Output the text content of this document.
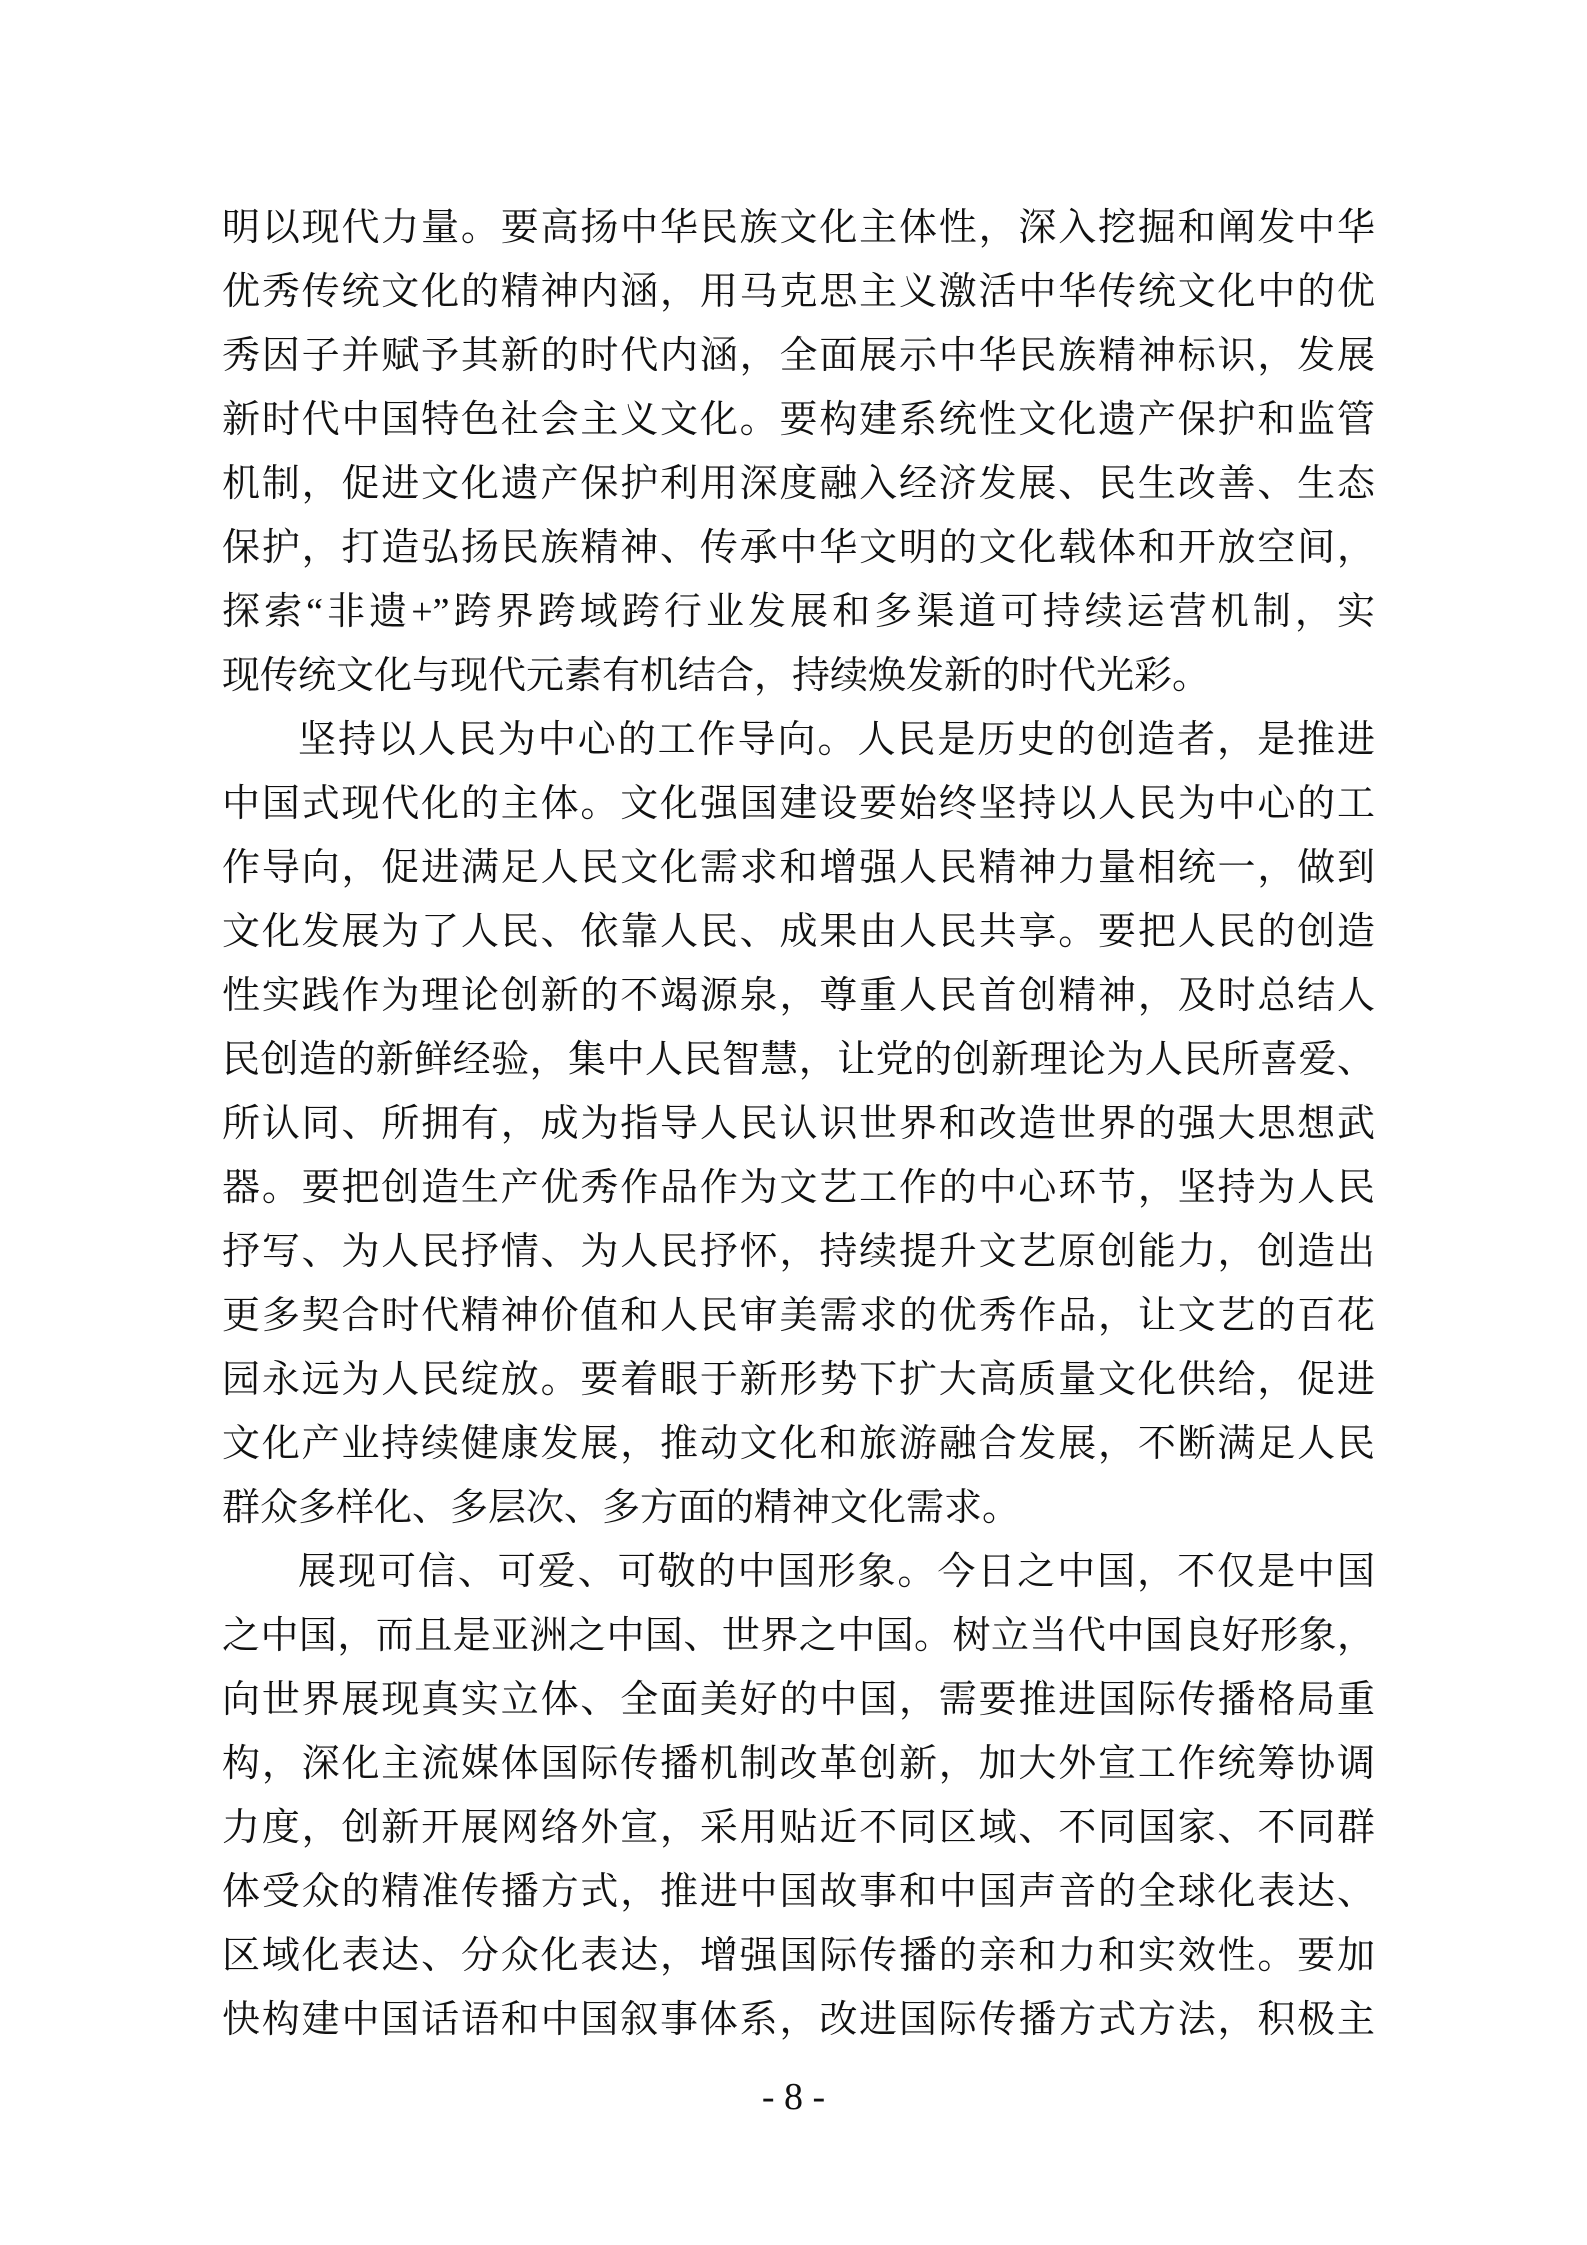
明以现代力量。要高扬中华民族文化主体性，深入挖掘和阐发中华
优秀传统文化的精神内涵，用马克思主义激活中华传统文化中的优
秀因子并赋予其新的时代内涵，全面展示中华民族精神标识，发展
新时代中国特色社会主义文化。要构建系统性文化遗产保护和监管
机制，促进文化遗产保护利用深度融入经济发展、民生改善、生态
保护，打造弘扬民族精神、传承中华文明的文化载体和开放空间，
探索“非遗+”跨界跨域跨行业发展和多渠道可持续运营机制，实
现传统文化与现代元素有机结合，持续焕发新的时代光彩。
坚持以人民为中心的工作导向。人民是历史的创造者，是推进
中国式现代化的主体。文化强国建设要始终坚持以人民为中心的工
作导向，促进满足人民文化需求和增强人民精神力量相统一，做到
文化发展为了人民、依靠人民、成果由人民共享。要把人民的创造
性实践作为理论创新的不竭源泉，尊重人民首创精神，及时总结人
民创造的新鲜经验，集中人民智慧，让党的创新理论为人民所喜爱、
所认同、所拥有，成为指导人民认识世界和改造世界的强大思想武
器。要把创造生产优秀作品作为文艺工作的中心环节，坚持为人民
抒写、为人民抒情、为人民抒怀，持续提升文艺原创能力，创造出
更多契合时代精神价值和人民审美需求的优秀作品，让文艺的百花
园永远为人民绽放。要着眼于新形势下扩大高质量文化供给，促进
文化产业持续健康发展，推动文化和旅游融合发展，不断满足人民
群众多样化、多层次、多方面的精神文化需求。
展现可信、可爱、可敬的中国形象。今日之中国，不仅是中国
之中国，而且是亚洲之中国、世界之中国。树立当代中国良好形象，
向世界展现真实立体、全面美好的中国，需要推进国际传播格局重
构，深化主流媒体国际传播机制改革创新，加大外宣工作统筹协调
力度，创新开展网络外宣，采用贴近不同区域、不同国家、不同群
体受众的精准传播方式，推进中国故事和中国声音的全球化表达、
区域化表达、分众化表达，增强国际传播的亲和力和实效性。要加
快构建中国话语和中国叙事体系，改进国际传播方式方法，积极主
- 8 -
